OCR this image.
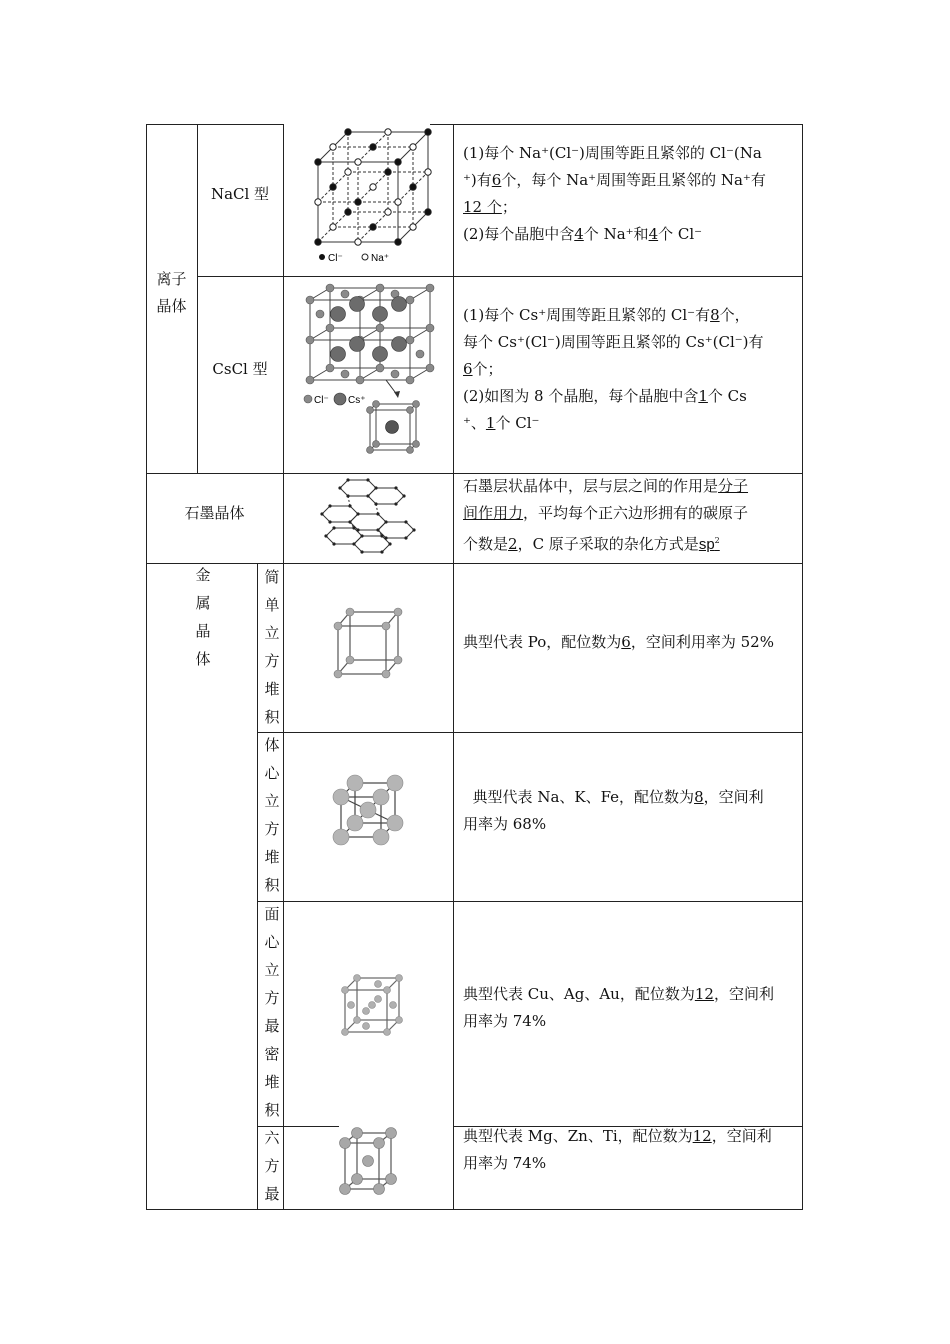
离子
晶体
NaCl 型
Cl⁻	Na⁺
(1)每个 Na⁺(Cl⁻)周围等距且紧邻的 Cl⁻(Na
⁺)有6个，每个 Na⁺周围等距且紧邻的 Na⁺有
12 个；
(2)每个晶胞中含4个 Na⁺和4个 Cl⁻
CsCl 型
Cl⁻ Cs⁺
(1)每个 Cs⁺周围等距且紧邻的 Cl⁻有8个，
每个 Cs⁺(Cl⁻)周围等距且紧邻的 Cs⁺(Cl⁻)有
6个；
(2)如图为 8 个晶胞，每个晶胞中含1个 Cs
⁺、1个 Cl⁻
石墨晶体
石墨层状晶体中，层与层之间的作用是分子
间作用力，平均每个正六边形拥有的碳原子
个数是2，C 原子采取的杂化方式是$sp^2$
金
属
晶
体
简
单
立
方
堆
积
典型代表 Po，配位数为6，空间利用率为 52%
体
心
立
方
堆
积
典型代表 Na、K、Fe，配位数为8，空间利
用率为 68%
面
心
立
方
最
密
堆
积
典型代表 Cu、Ag、Au，配位数为12，空间利
用率为 74%
六
方
最
典型代表 Mg、Zn、Ti，配位数为12，空间利
用率为 74%
